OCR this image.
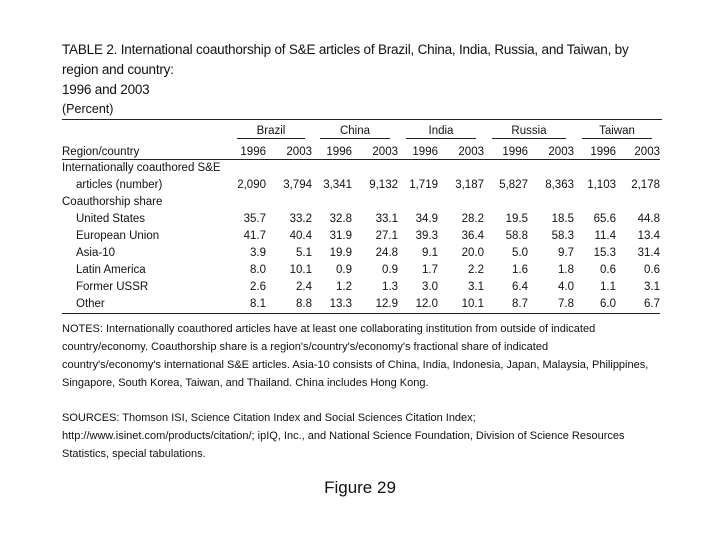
TABLE 2. International coauthorship of S&E articles of Brazil, China, India, Russia, and Taiwan, by region and country:
1996 and 2003
(Percent)
	Brazil		China		India		Russia		Taiwan	
Region/country	1996	2003	1996	2003	1996	2003	1996	2003	1996	2003
Internationally coauthored S&E										
articles (number)	2,090	3,794	3,341	9,132	1,719	3,187	5,827	8,363	1,103	2,178
Coauthorship share										
United States	35.7	33.2	32.8	33.1	34.9	28.2	19.5	18.5	65.6	44.8
European Union	41.7	40.4	31.9	27.1	39.3	36.4	58.8	58.3	11.4	13.4
Asia-10	3.9	5.1	19.9	24.8	9.1	20.0	5.0	9.7	15.3	31.4
Latin America	8.0	10.1	0.9	0.9	1.7	2.2	1.6	1.8	0.6	0.6
Former USSR	2.6	2.4	1.2	1.3	3.0	3.1	6.4	4.0	1.1	3.1
Other	8.1	8.8	13.3	12.9	12.0	10.1	8.7	7.8	6.0	6.7
NOTES: Internationally coauthored articles have at least one collaborating institution from outside of indicated
country/economy. Coauthorship share is a region's/country's/economy's fractional share of indicated
country's/economy's international S&E articles. Asia-10 consists of China, India, Indonesia, Japan, Malaysia, Philippines,
Singapore, South Korea, Taiwan, and Thailand. China includes Hong Kong.
SOURCES: Thomson ISI, Science Citation Index and Social Sciences Citation Index;
http://www.isinet.com/products/citation/; ipIQ, Inc., and National Science Foundation, Division of Science Resources
Statistics, special tabulations.
Figure 29
